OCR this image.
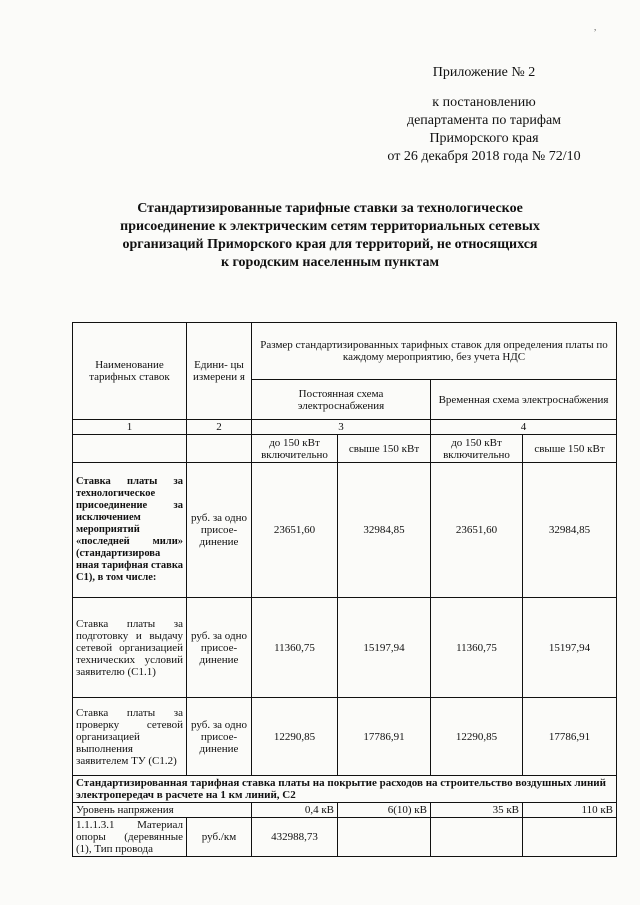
,
Приложение № 2
к постановлению
департамента по тарифам
Приморского края
от 26 декабря 2018 года № 72/10
Стандартизированные тарифные ставки за технологическое присоединение к электрическим сетям территориальных сетевых организаций Приморского края для территорий, не относящихся к городским населенным пунктам
Наименование тарифных ставок	Едини- цы измерени я	Размер стандартизированных тарифных ставок для определения платы по каждому мероприятию, без учета НДС			
		Постоянная схема электроснабжения		Временная схема электроснабжения	
1	2	3		4	
		до 150 кВт включительно	свыше 150 кВт	до 150 кВт включительно	свыше 150 кВт
Ставка платы за технологическое присоединение за исключением мероприятий «последней мили» (стандартизирова нная тарифная ставка С1), в том числе:	руб. за одно присое- динение	23651,60	32984,85	23651,60	32984,85
Ставка платы за подготовку и выдачу сетевой организацией технических условий заявителю (С1.1)	руб. за одно присое- динение	11360,75	15197,94	11360,75	15197,94
Ставка платы за проверку сетевой организацией выполнения заявителем ТУ (С1.2)	руб. за одно присое- динение	12290,85	17786,91	12290,85	17786,91
Стандартизированная тарифная ставка платы на покрытие расходов на строительство воздушных линий электропередач в расчете на 1 км линий, С2					
Уровень напряжения		0,4 кВ	6(10) кВ	35 кВ	110 кВ
1.1.1.3.1 Материал опоры (деревянные (1), Тип провода	руб./км	432988,73			
